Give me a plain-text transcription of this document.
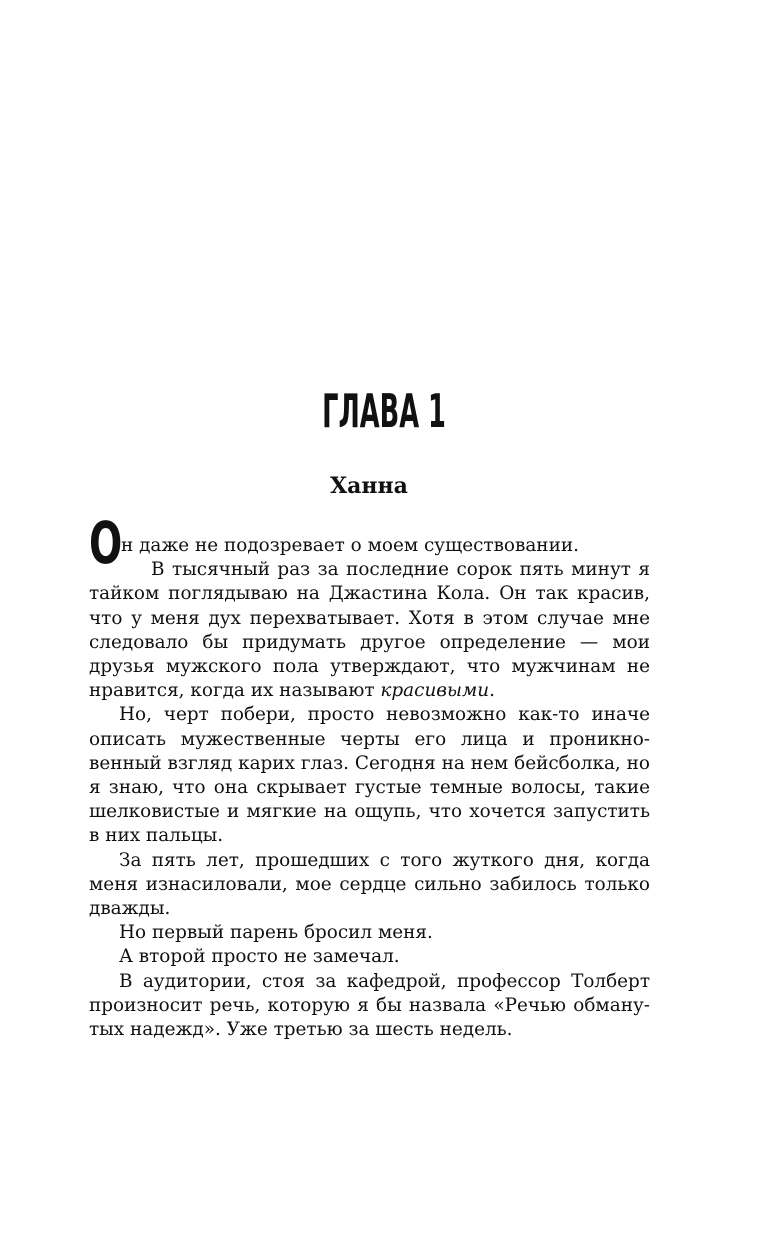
ГЛАВА 1
Ханна

О
н даже не подозревает о моем существовании.

В тысячный раз за последние сорок пять минут я тайком поглядываю на Джастина Кола. Он так красив, что у меня дух перехватывает. Хотя в этом случае мне следовало бы придумать другое определение — мои друзья мужского пола утверждают, что мужчинам не нравится, когда их называют красивыми.

Но, черт побери, просто невозможно как-то иначе описать мужественные черты его лица и проникновенный взгляд карих глаз. Сегодня на нем бейсболка, но я знаю, что она скрывает густые темные волосы, такие шелковистые и мягкие на ощупь, что хочется запустить в них пальцы.

За пять лет, прошедших с того жуткого дня, когда меня изнасиловали, мое сердце сильно забилось только дважды.

Но первый парень бросил меня.

А второй просто не замечал.

В аудитории, стоя за кафедрой, профессор Толберт произносит речь, которую я бы назвала «Речью обманутых надежд». Уже третью за шесть недель.
